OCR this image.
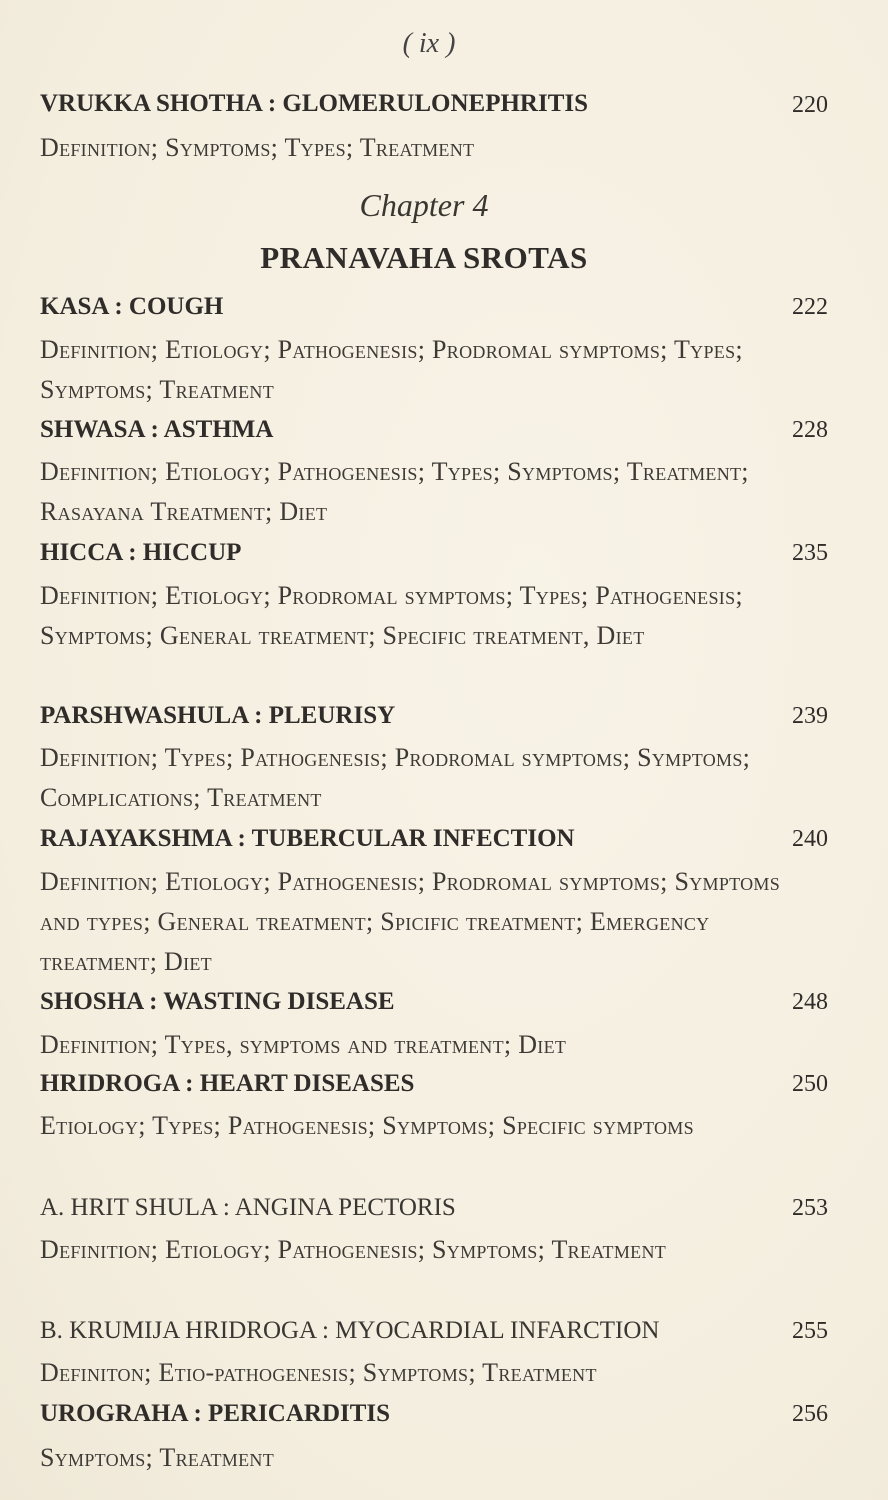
( ix )
VRUKKA SHOTHA : GLOMERULONEPHRITIS	220
Definition; Symptoms; Types; Treatment
Chapter 4
PRANAVAHA SROTAS
KASA : COUGH	222
Definition; Etiology; Pathogenesis; Prodromal symptoms; Types; Symptoms; Treatment
SHWASA : ASTHMA	228
Definition; Etiology; Pathogenesis; Types; Symptoms; Treatment; Rasayana Treatment; Diet
HICCA : HICCUP	235
Definition; Etiology; Prodromal symptoms; Types; Pathogenesis; Symptoms; General treatment; Specific treatment, Diet
PARSHWASHULA : PLEURISY	239
Definition; Types; Pathogenesis; Prodromal symptoms; Symptoms; Complications; Treatment
RAJAYAKSHMA : TUBERCULAR INFECTION	240
Definition; Etiology; Pathogenesis; Prodromal symptoms; Symptoms and types; General treatment; Spicific treatment; Emergency treatment; Diet
SHOSHA : WASTING DISEASE	248
Definition; Types, symptoms and treatment; Diet
HRIDROGA : HEART DISEASES	250
Etiology; Types; Pathogenesis; Symptoms; Specific symptoms
A. HRIT SHULA : ANGINA PECTORIS	253
Definition; Etiology; Pathogenesis; Symptoms; Treatment
B. KRUMIJA HRIDROGA : MYOCARDIAL INFARCTION	255
Definiton; Etio-pathogenesis; Symptoms; Treatment
UROGRAHA : PERICARDITIS	256
Symptoms; Treatment
